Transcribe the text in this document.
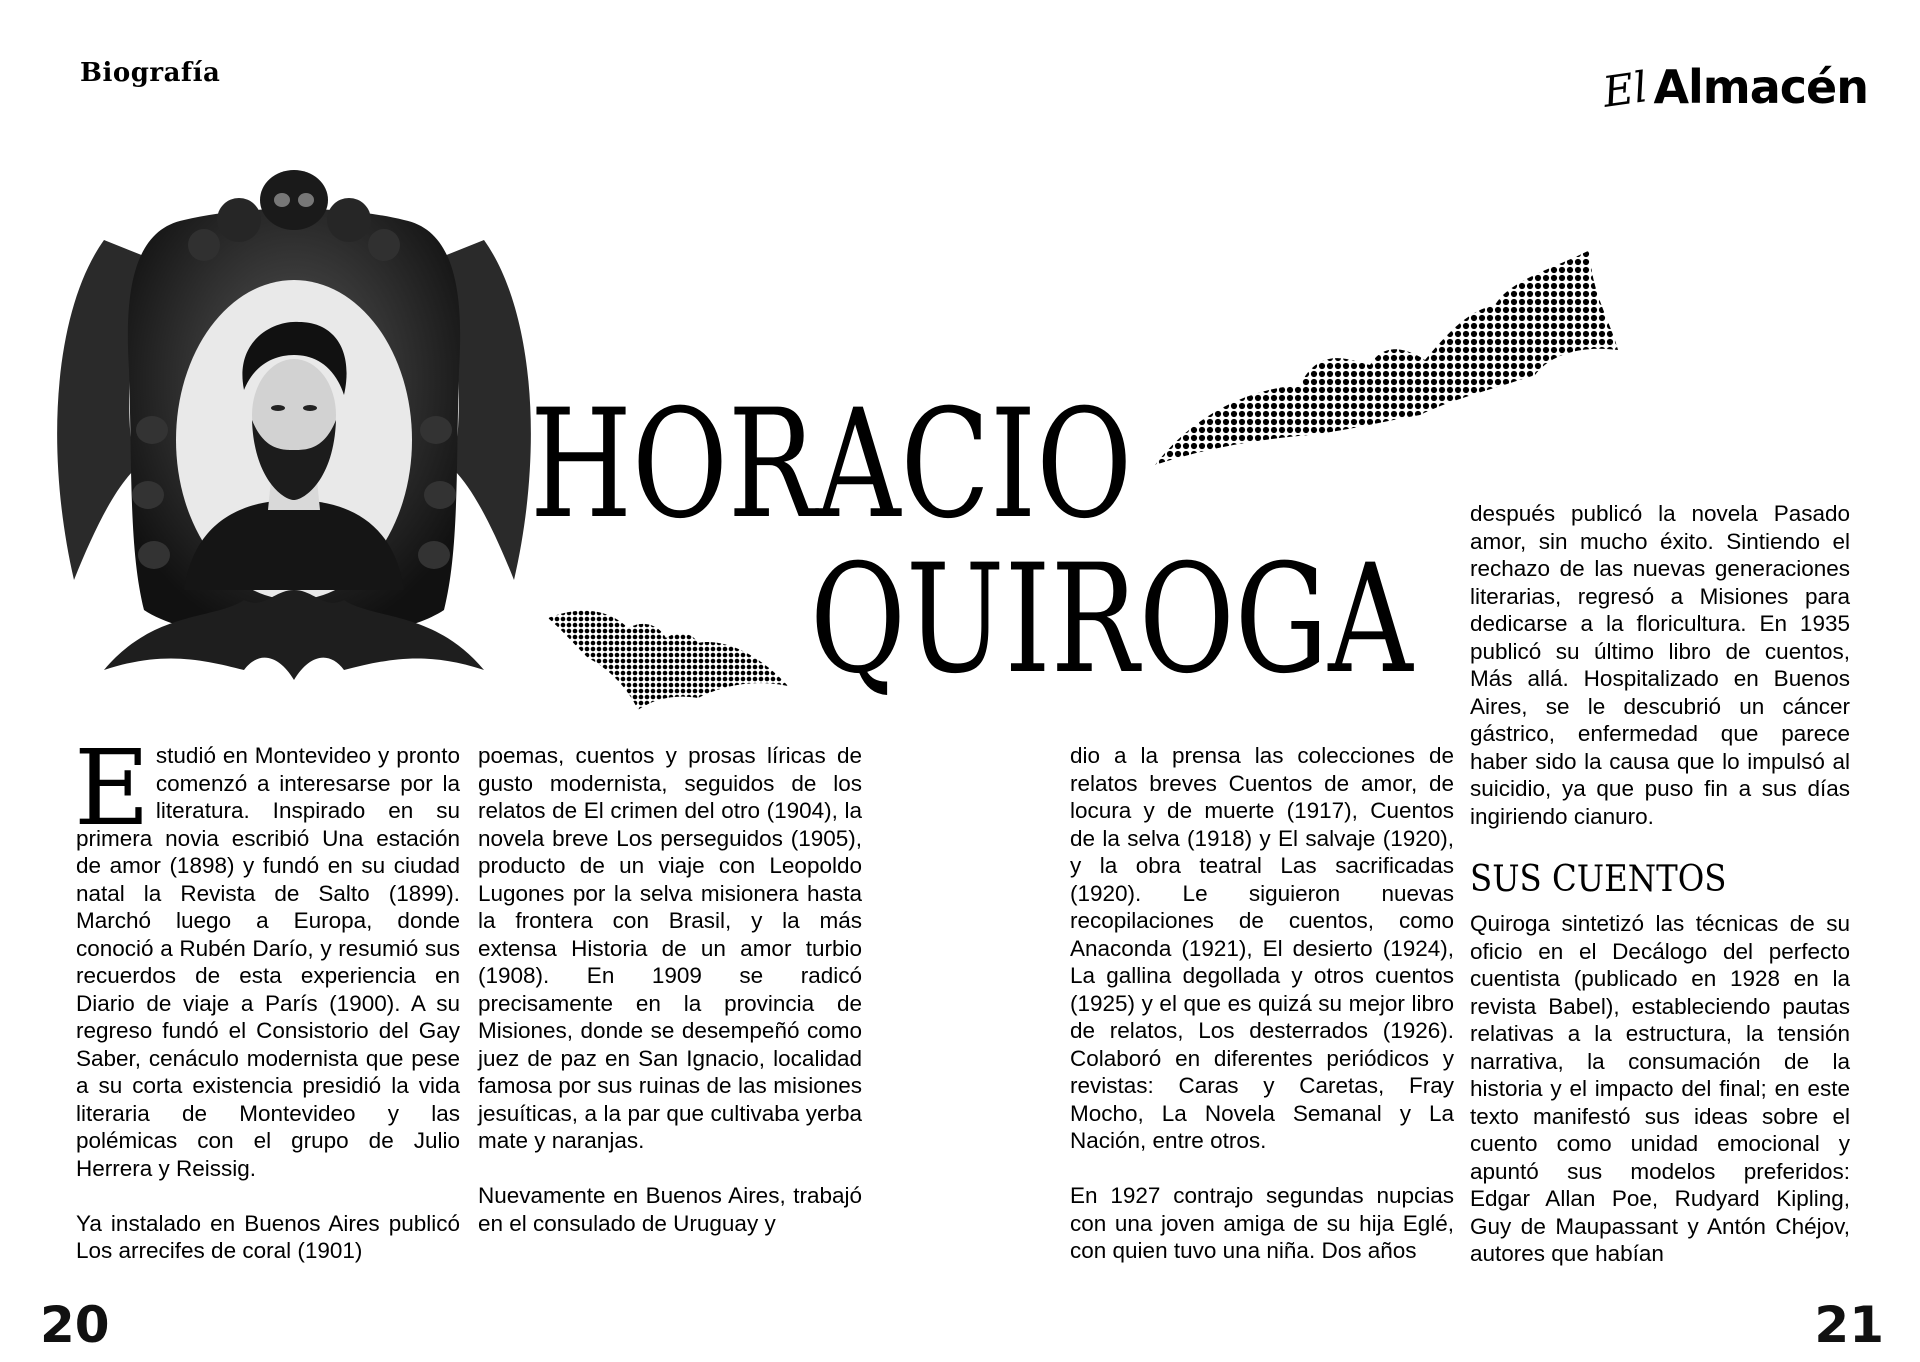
Biografía	El Almacén
HORACIO
QUIROGA

Estudió en Montevideo y pronto comenzó a interesarse por la literatura. Inspirado en su primera novia escribió Una estación de amor (1898) y fundó en su ciudad natal la Revista de Salto (1899). Marchó luego a Europa, donde conoció a Rubén Darío, y resumió sus recuerdos de esta experiencia en Diario de viaje a París (1900). A su regreso fundó el Consistorio del Gay Saber, cenáculo modernista que pese a su corta existencia presidió la vida literaria de Montevideo y las polémicas con el grupo de Julio Herrera y Reissig.

Ya instalado en Buenos Aires publicó Los arrecifes de coral (1901)

poemas, cuentos y prosas líricas de gusto modernista, seguidos de los relatos de El crimen del otro (1904), la novela breve Los perseguidos (1905), producto de un viaje con Leopoldo Lugones por la selva misionera hasta la frontera con Brasil, y la más extensa Historia de un amor turbio (1908). En 1909 se radicó precisamente en la provincia de Misiones, donde se desempeñó como juez de paz en San Ignacio, localidad famosa por sus ruinas de las misiones jesuíticas, a la par que cultivaba yerba mate y naranjas.

Nuevamente en Buenos Aires, trabajó en el consulado de Uruguay y

dio a la prensa las colecciones de relatos breves Cuentos de amor, de locura y de muerte (1917), Cuentos de la selva (1918) y El salvaje (1920), y la obra teatral Las sacrificadas (1920). Le siguieron nuevas recopilaciones de cuentos, como Anaconda (1921), El desierto (1924), La gallina degollada y otros cuentos (1925) y el que es quizá su mejor libro de relatos, Los desterrados (1926). Colaboró en diferentes periódicos y revistas: Caras y Caretas, Fray Mocho, La Novela Semanal y La Nación, entre otros.

En 1927 contrajo segundas nupcias con una joven amiga de su hija Eglé, con quien tuvo una niña. Dos años

después publicó la novela Pasado amor, sin mucho éxito. Sintiendo el rechazo de las nuevas generaciones literarias, regresó a Misiones para dedicarse a la floricultura. En 1935 publicó su último libro de cuentos, Más allá. Hospitalizado en Buenos Aires, se le descubrió un cáncer gástrico, enfermedad que parece haber sido la causa que lo impulsó al suicidio, ya que puso fin a sus días ingiriendo cianuro.

SUS CUENTOS

Quiroga sintetizó las técnicas de su oficio en el Decálogo del perfecto cuentista (publicado en 1928 en la revista Babel), estableciendo pautas relativas a la estructura, la tensión narrativa, la consumación de la historia y el impacto del final; en este texto manifestó sus ideas sobre el cuento como unidad emocional y apuntó sus modelos preferidos: Edgar Allan Poe, Rudyard Kipling, Guy de Maupassant y Antón Chéjov, autores que habían

20	21
